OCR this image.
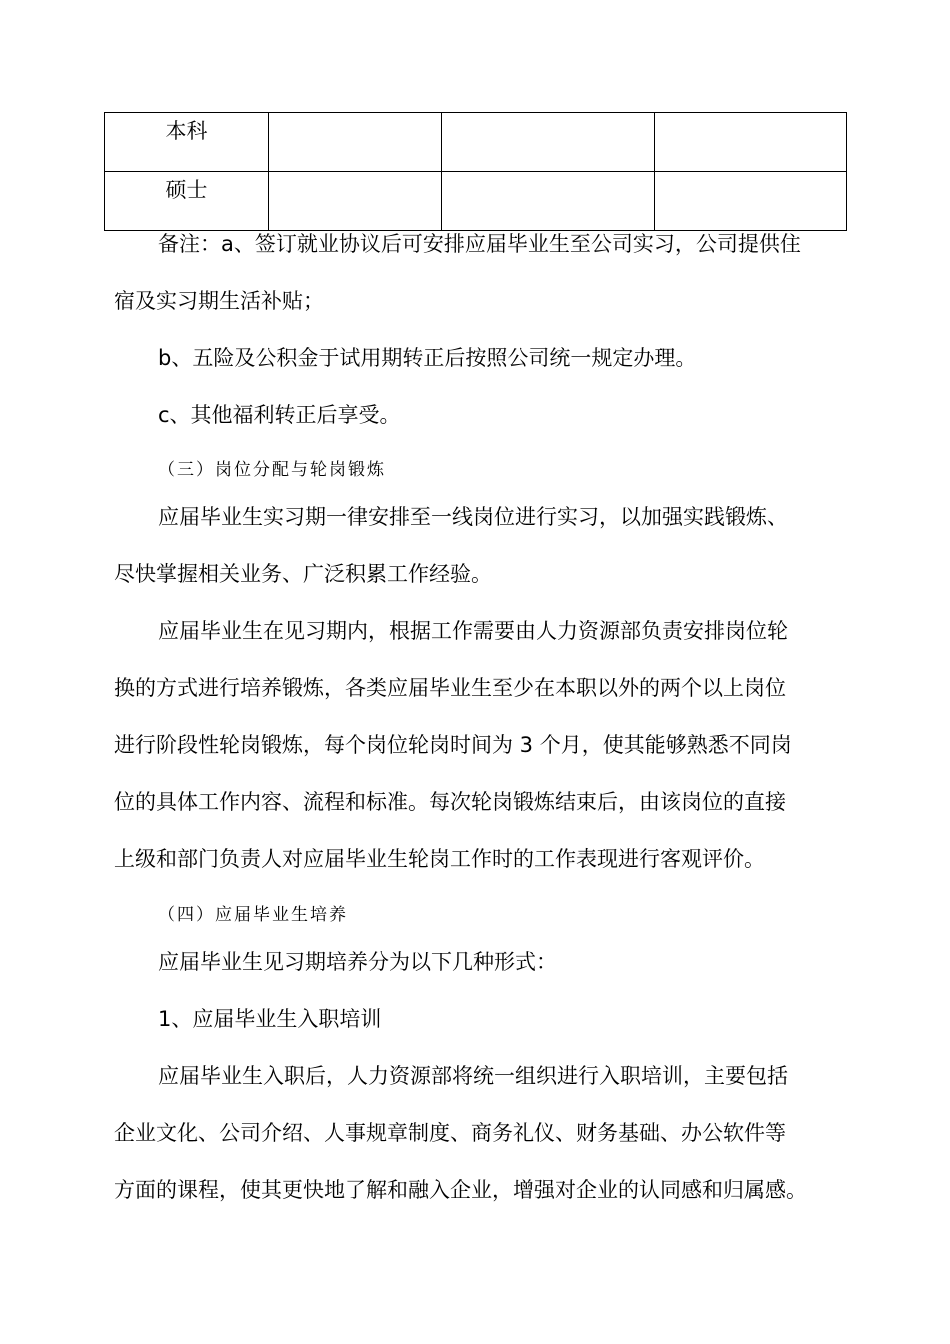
本科			
硕士			
备注：a、签订就业协议后可安排应届毕业生至公司实习，公司提供住
宿及实习期生活补贴；
b、五险及公积金于试用期转正后按照公司统一规定办理。
c、其他福利转正后享受。
（三）岗位分配与轮岗锻炼
应届毕业生实习期一律安排至一线岗位进行实习，以加强实践锻炼、
尽快掌握相关业务、广泛积累工作经验。
应届毕业生在见习期内，根据工作需要由人力资源部负责安排岗位轮
换的方式进行培养锻炼，各类应届毕业生至少在本职以外的两个以上岗位
进行阶段性轮岗锻炼，每个岗位轮岗时间为 3 个月，使其能够熟悉不同岗
位的具体工作内容、流程和标准。每次轮岗锻炼结束后，由该岗位的直接
上级和部门负责人对应届毕业生轮岗工作时的工作表现进行客观评价。
（四）应届毕业生培养
应届毕业生见习期培养分为以下几种形式：
1、应届毕业生入职培训
应届毕业生入职后，人力资源部将统一组织进行入职培训，主要包括
企业文化、公司介绍、人事规章制度、商务礼仪、财务基础、办公软件等
方面的课程，使其更快地了解和融入企业，增强对企业的认同感和归属感。
